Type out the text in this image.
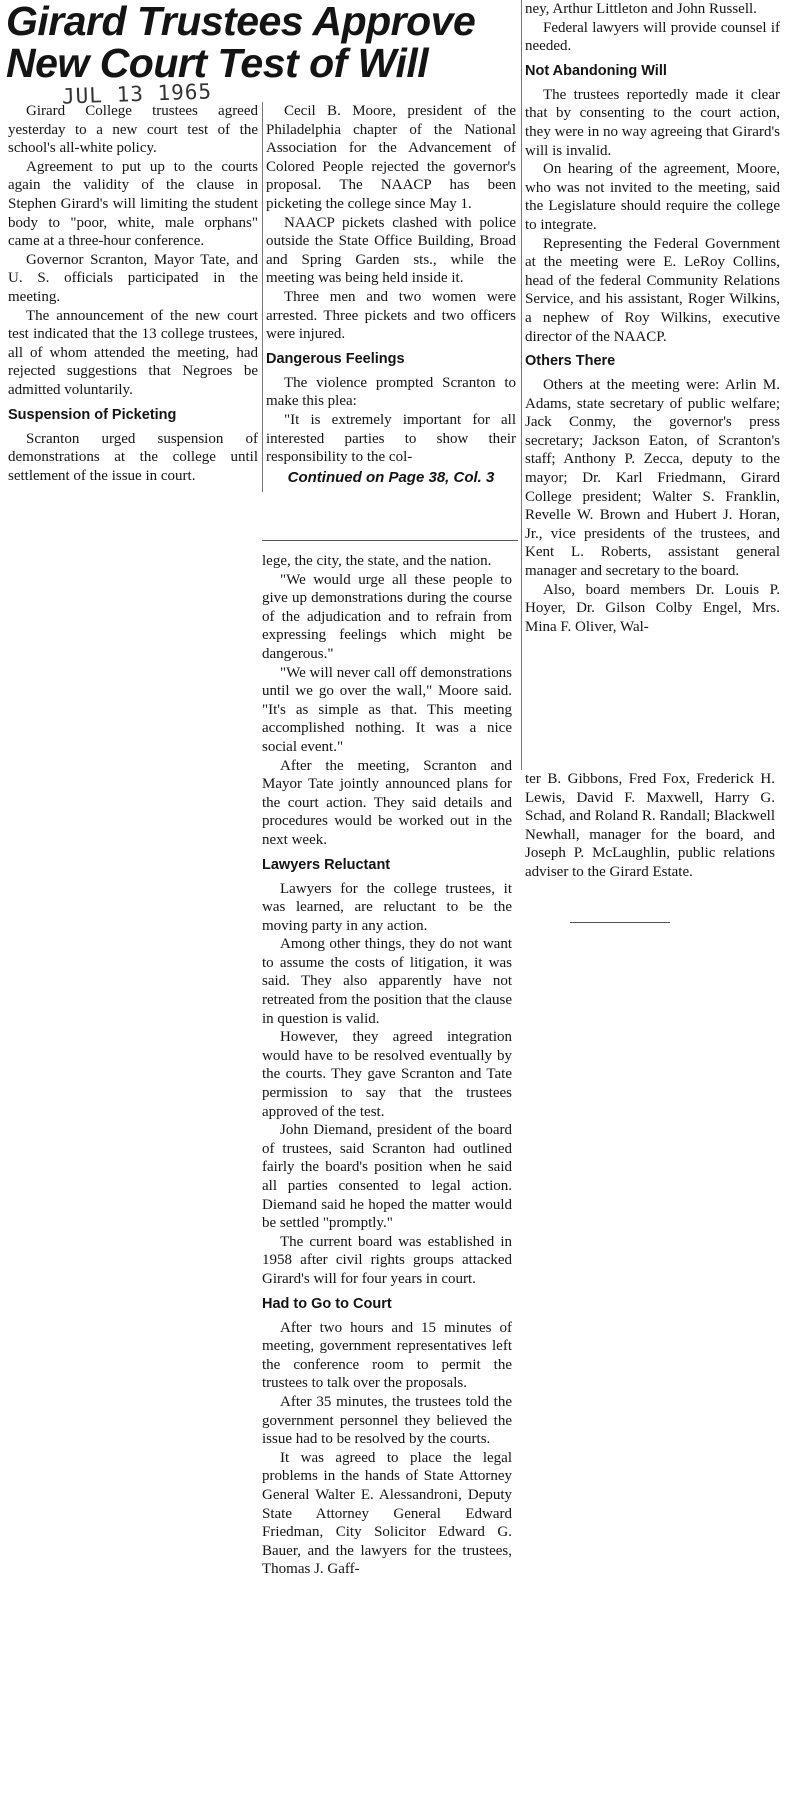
Girard Trustees Approve
New Court Test of Will
JUL 13 1965

Girard College trustees agreed yesterday to a new court test of the school's all-white policy.

Agreement to put up to the courts again the validity of the clause in Stephen Girard's will limiting the student body to "poor, white, male orphans" came at a three-hour conference.

Governor Scranton, Mayor Tate, and U. S. officials participated in the meeting.

The announcement of the new court test indicated that the 13 college trustees, all of whom attended the meeting, had rejected suggestions that Negroes be admitted voluntarily.

Suspension of Picketing

Scranton urged suspension of demonstrations at the college until settlement of the issue in court.

Cecil B. Moore, president of the Philadelphia chapter of the National Association for the Advancement of Colored People rejected the governor's proposal. The NAACP has been picketing the college since May 1.

NAACP pickets clashed with police outside the State Office Building, Broad and Spring Garden sts., while the meeting was being held inside it.

Three men and two women were arrested. Three pickets and two officers were injured.

Dangerous Feelings

The violence prompted Scranton to make this plea:

"It is extremely important for all interested parties to show their responsibility to the col-

Continued on Page 38, Col. 3

ney, Arthur Littleton and John Russell.

Federal lawyers will provide counsel if needed.

Not Abandoning Will

The trustees reportedly made it clear that by consenting to the court action, they were in no way agreeing that Girard's will is invalid.

On hearing of the agreement, Moore, who was not invited to the meeting, said the Legislature should require the college to integrate.

Representing the Federal Government at the meeting were E. LeRoy Collins, head of the federal Community Relations Service, and his assistant, Roger Wilkins, a nephew of Roy Wilkins, executive director of the NAACP.

Others There

Others at the meeting were: Arlin M. Adams, state secretary of public welfare; Jack Conmy, the governor's press secretary; Jackson Eaton, of Scranton's staff; Anthony P. Zecca, deputy to the mayor; Dr. Karl Friedmann, Girard College president; Walter S. Franklin, Revelle W. Brown and Hubert J. Horan, Jr., vice presidents of the trustees, and Kent L. Roberts, assistant general manager and secretary to the board.

Also, board members Dr. Louis P. Hoyer, Dr. Gilson Colby Engel, Mrs. Mina F. Oliver, Wal-

lege, the city, the state, and the nation.

"We would urge all these people to give up demonstrations during the course of the adjudication and to refrain from expressing feelings which might be dangerous."

"We will never call off demonstrations until we go over the wall," Moore said. "It's as simple as that. This meeting accomplished nothing. It was a nice social event."

After the meeting, Scranton and Mayor Tate jointly announced plans for the court action. They said details and procedures would be worked out in the next week.

Lawyers Reluctant

Lawyers for the college trustees, it was learned, are reluctant to be the moving party in any action.

Among other things, they do not want to assume the costs of litigation, it was said. They also apparently have not retreated from the position that the clause in question is valid.

However, they agreed integration would have to be resolved eventually by the courts. They gave Scranton and Tate permission to say that the trustees approved of the test.

John Diemand, president of the board of trustees, said Scranton had outlined fairly the board's position when he said all parties consented to legal action. Diemand said he hoped the matter would be settled "promptly."

The current board was established in 1958 after civil rights groups attacked Girard's will for four years in court.

Had to Go to Court

After two hours and 15 minutes of meeting, government representatives left the conference room to permit the trustees to talk over the proposals.

After 35 minutes, the trustees told the government personnel they believed the issue had to be resolved by the courts.

It was agreed to place the legal problems in the hands of State Attorney General Walter E. Alessandroni, Deputy State Attorney General Edward Friedman, City Solicitor Edward G. Bauer, and the lawyers for the trustees, Thomas J. Gaff-

ter B. Gibbons, Fred Fox, Frederick H. Lewis, David F. Maxwell, Harry G. Schad, and Roland R. Randall; Blackwell Newhall, manager for the board, and Joseph P. McLaughlin, public relations adviser to the Girard Estate.
